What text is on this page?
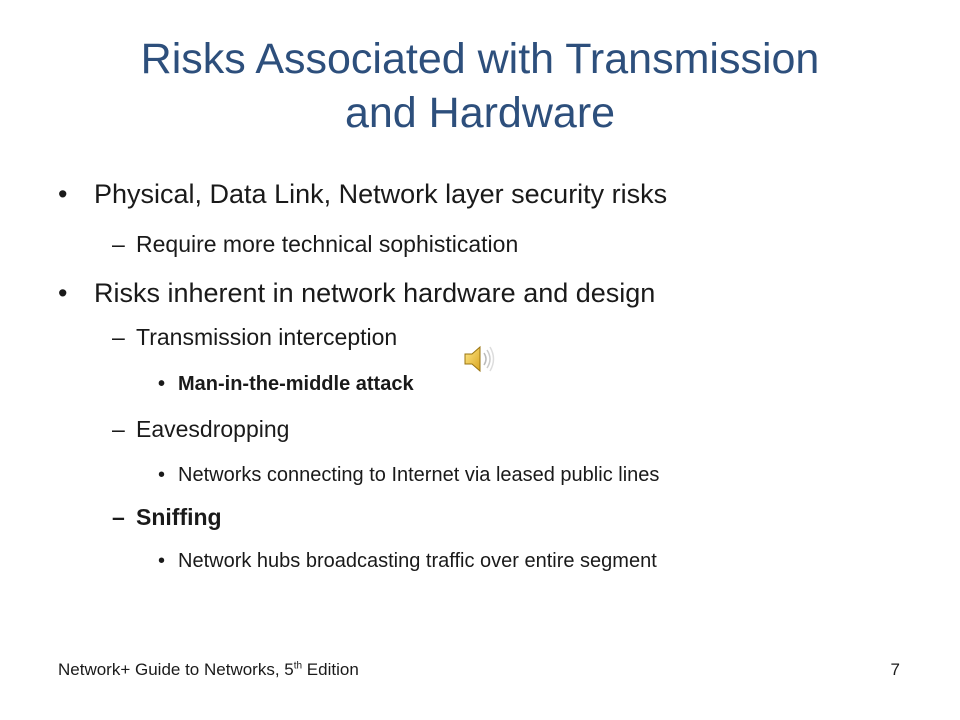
Risks Associated with Transmission
and Hardware
• Physical, Data Link, Network layer security risks
– Require more technical sophistication
• Risks inherent in network hardware and design
– Transmission interception
• Man-in-the-middle attack
– Eavesdropping
• Networks connecting to Internet via leased public lines
– Sniffing
• Network hubs broadcasting traffic over entire segment
Network+ Guide to Networks, 5th Edition	7
